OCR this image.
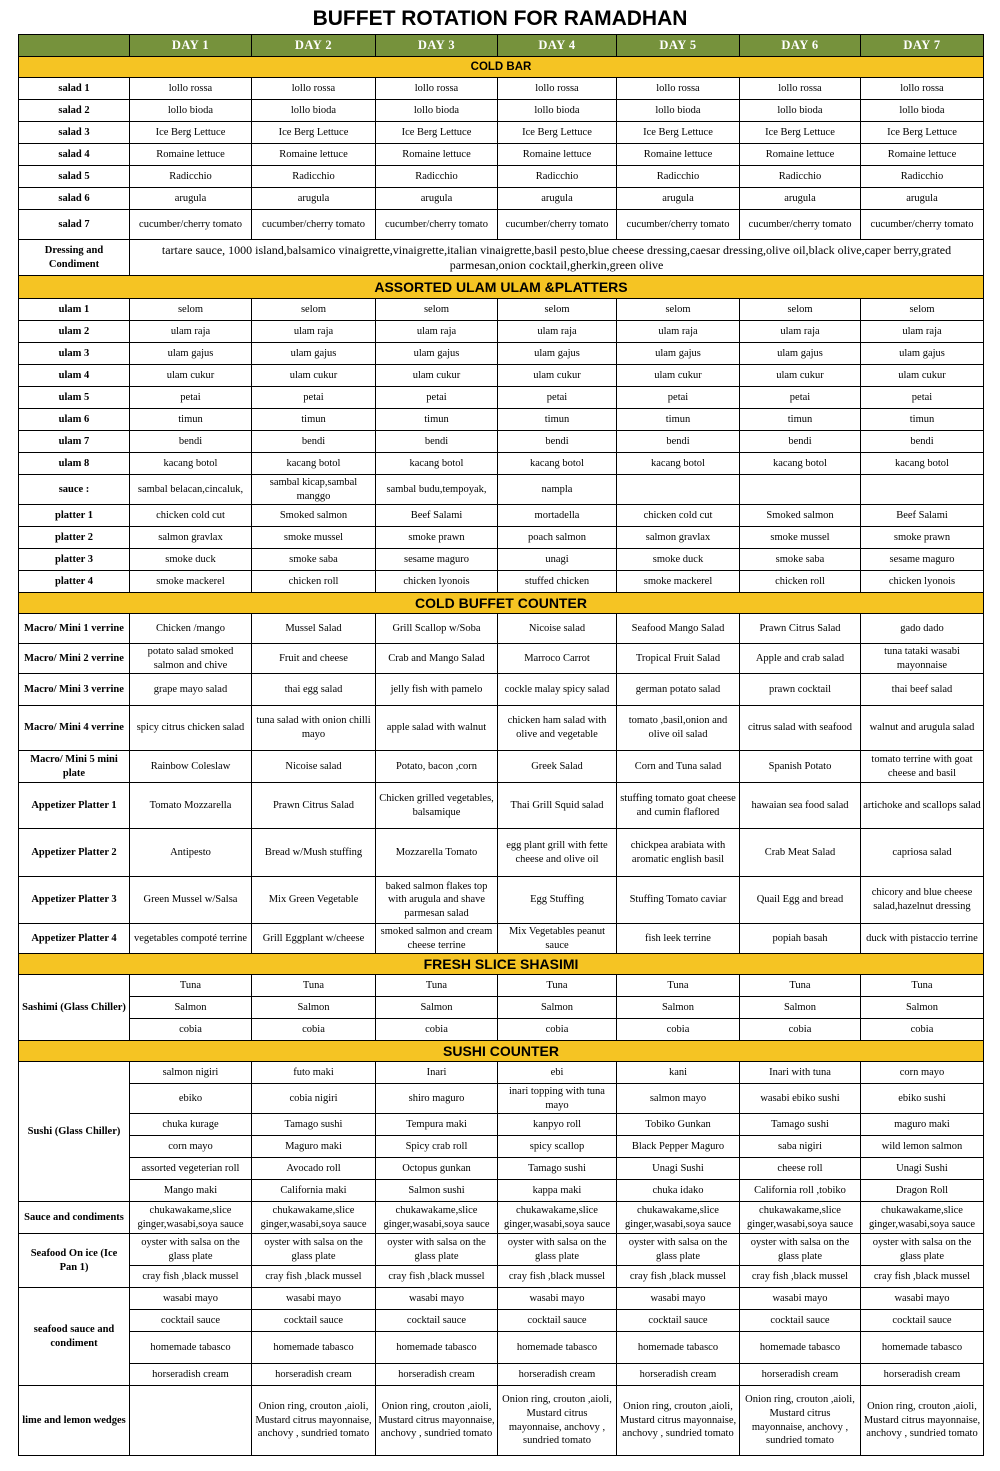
BUFFET ROTATION FOR RAMADHAN
	DAY 1	DAY 2	DAY 3	DAY 4	DAY 5	DAY 6	DAY 7
COLD BAR							
salad 1	lollo rossa	lollo rossa	lollo rossa	lollo rossa	lollo rossa	lollo rossa	lollo rossa
salad 2	lollo bioda	lollo bioda	lollo bioda	lollo bioda	lollo bioda	lollo bioda	lollo bioda
salad 3	Ice Berg Lettuce	Ice Berg Lettuce	Ice Berg Lettuce	Ice Berg Lettuce	Ice Berg Lettuce	Ice Berg Lettuce	Ice Berg Lettuce
salad 4	Romaine lettuce	Romaine lettuce	Romaine lettuce	Romaine lettuce	Romaine lettuce	Romaine lettuce	Romaine lettuce
salad 5	Radicchio	Radicchio	Radicchio	Radicchio	Radicchio	Radicchio	Radicchio
salad 6	arugula	arugula	arugula	arugula	arugula	arugula	arugula
salad 7	cucumber/cherry tomato	cucumber/cherry tomato	cucumber/cherry tomato	cucumber/cherry tomato	cucumber/cherry tomato	cucumber/cherry tomato	cucumber/cherry tomato
Dressing and Condiment	tartare sauce, 1000 island,balsamico vinaigrette,vinaigrette,italian vinaigrette,basil pesto,blue cheese dressing,caesar dressing,olive oil,black olive,caper berry,grated parmesan,onion cocktail,gherkin,green olive						
ASSORTED ULAM ULAM &PLATTERS							
ulam 1	selom	selom	selom	selom	selom	selom	selom
ulam 2	ulam raja	ulam raja	ulam raja	ulam raja	ulam raja	ulam raja	ulam raja
ulam 3	ulam gajus	ulam gajus	ulam gajus	ulam gajus	ulam gajus	ulam gajus	ulam gajus
ulam 4	ulam cukur	ulam cukur	ulam cukur	ulam cukur	ulam cukur	ulam cukur	ulam cukur
ulam 5	petai	petai	petai	petai	petai	petai	petai
ulam 6	timun	timun	timun	timun	timun	timun	timun
ulam 7	bendi	bendi	bendi	bendi	bendi	bendi	bendi
ulam 8	kacang botol	kacang botol	kacang botol	kacang botol	kacang botol	kacang botol	kacang botol
sauce :	sambal belacan,cincaluk,	sambal kicap,sambal manggo	sambal budu,tempoyak,	nampla			
platter 1	chicken cold cut	Smoked salmon	Beef Salami	mortadella	chicken cold cut	Smoked salmon	Beef Salami
platter 2	salmon gravlax	smoke mussel	smoke prawn	poach salmon	salmon gravlax	smoke mussel	smoke prawn
platter 3	smoke duck	smoke saba	sesame maguro	unagi	smoke duck	smoke saba	sesame maguro
platter 4	smoke mackerel	chicken roll	chicken lyonois	stuffed chicken	smoke mackerel	chicken roll	chicken lyonois
COLD BUFFET COUNTER							
Macro/ Mini 1 verrine	Chicken /mango	Mussel Salad	Grill Scallop w/Soba	Nicoise salad	Seafood Mango Salad	Prawn Citrus Salad	gado dado
Macro/ Mini 2 verrine	potato salad smoked salmon and chive	Fruit and cheese	Crab and Mango Salad	Marroco Carrot	Tropical Fruit Salad	Apple and crab salad	tuna tataki wasabi mayonnaise
Macro/ Mini 3 verrine	grape mayo salad	thai egg salad	jelly fish with pamelo	cockle malay spicy salad	german potato salad	prawn cocktail	thai beef salad
Macro/ Mini 4 verrine	spicy citrus chicken salad	tuna salad with onion chilli mayo	apple salad with walnut	chicken ham salad with olive and vegetable	tomato ,basil,onion and olive oil salad	citrus salad with seafood	walnut and arugula salad
Macro/ Mini 5 mini plate	Rainbow Coleslaw	Nicoise salad	Potato, bacon ,corn	Greek Salad	Corn and Tuna salad	Spanish Potato	tomato terrine with goat cheese and basil
Appetizer Platter 1	Tomato Mozzarella	Prawn Citrus Salad	Chicken grilled vegetables, balsamique	Thai Grill Squid salad	stuffing tomato goat cheese and cumin flaflored	hawaian sea food salad	artichoke and scallops salad
Appetizer Platter 2	Antipesto	Bread w/Mush stuffing	Mozzarella Tomato	egg plant grill with fette cheese and olive oil	chickpea arabiata with aromatic english basil	Crab Meat Salad	capriosa salad
Appetizer Platter 3	Green Mussel w/Salsa	Mix Green Vegetable	baked salmon flakes top with arugula and shave parmesan salad	Egg Stuffing	Stuffing Tomato caviar	Quail Egg and bread	chicory and blue cheese salad,hazelnut dressing
Appetizer Platter 4	vegetables compoté terrine	Grill Eggplant w/cheese	smoked salmon and cream cheese terrine	Mix Vegetables peanut sauce	fish leek terrine	popiah basah	duck with pistaccio terrine
FRESH SLICE SHASIMI							
Sashimi (Glass Chiller)	Tuna	Tuna	Tuna	Tuna	Tuna	Tuna	Tuna
	Salmon	Salmon	Salmon	Salmon	Salmon	Salmon	Salmon
	cobia	cobia	cobia	cobia	cobia	cobia	cobia
SUSHI COUNTER							
Sushi (Glass Chiller)	salmon nigiri	futo maki	Inari	ebi	kani	Inari with tuna	corn mayo
	ebiko	cobia nigiri	shiro maguro	inari topping with tuna mayo	salmon mayo	wasabi ebiko sushi	ebiko sushi
	chuka kurage	Tamago sushi	Tempura maki	kanpyo roll	Tobiko Gunkan	Tamago sushi	maguro maki
	corn mayo	Maguro maki	Spicy crab roll	spicy scallop	Black Pepper Maguro	saba nigiri	wild lemon salmon
	assorted vegeterian roll	Avocado roll	Octopus gunkan	Tamago sushi	Unagi Sushi	cheese roll	Unagi Sushi
	Mango maki	California maki	Salmon sushi	kappa maki	chuka idako	California roll ,tobiko	Dragon Roll
Sauce and condiments	chukawakame,slice ginger,wasabi,soya sauce	chukawakame,slice ginger,wasabi,soya sauce	chukawakame,slice ginger,wasabi,soya sauce	chukawakame,slice ginger,wasabi,soya sauce	chukawakame,slice ginger,wasabi,soya sauce	chukawakame,slice ginger,wasabi,soya sauce	chukawakame,slice ginger,wasabi,soya sauce
Seafood On ice (Ice Pan 1)	oyster with salsa on the glass plate	oyster with salsa on the glass plate	oyster with salsa on the glass plate	oyster with salsa on the glass plate	oyster with salsa on the glass plate	oyster with salsa on the glass plate	oyster with salsa on the glass plate
	cray fish ,black mussel	cray fish ,black mussel	cray fish ,black mussel	cray fish ,black mussel	cray fish ,black mussel	cray fish ,black mussel	cray fish ,black mussel
seafood sauce and condiment	wasabi mayo	wasabi mayo	wasabi mayo	wasabi mayo	wasabi mayo	wasabi mayo	wasabi mayo
	cocktail sauce	cocktail sauce	cocktail sauce	cocktail sauce	cocktail sauce	cocktail sauce	cocktail sauce
	homemade tabasco	homemade tabasco	homemade tabasco	homemade tabasco	homemade tabasco	homemade tabasco	homemade tabasco
	horseradish cream	horseradish cream	horseradish cream	horseradish cream	horseradish cream	horseradish cream	horseradish cream
lime and lemon wedges		Onion ring, crouton ,aioli, Mustard citrus mayonnaise, anchovy , sundried tomato	Onion ring, crouton ,aioli, Mustard citrus mayonnaise, anchovy , sundried tomato	Onion ring, crouton ,aioli, Mustard citrus mayonnaise, anchovy , sundried tomato	Onion ring, crouton ,aioli, Mustard citrus mayonnaise, anchovy , sundried tomato	Onion ring, crouton ,aioli, Mustard citrus mayonnaise, anchovy , sundried tomato	Onion ring, crouton ,aioli, Mustard citrus mayonnaise, anchovy , sundried tomato
